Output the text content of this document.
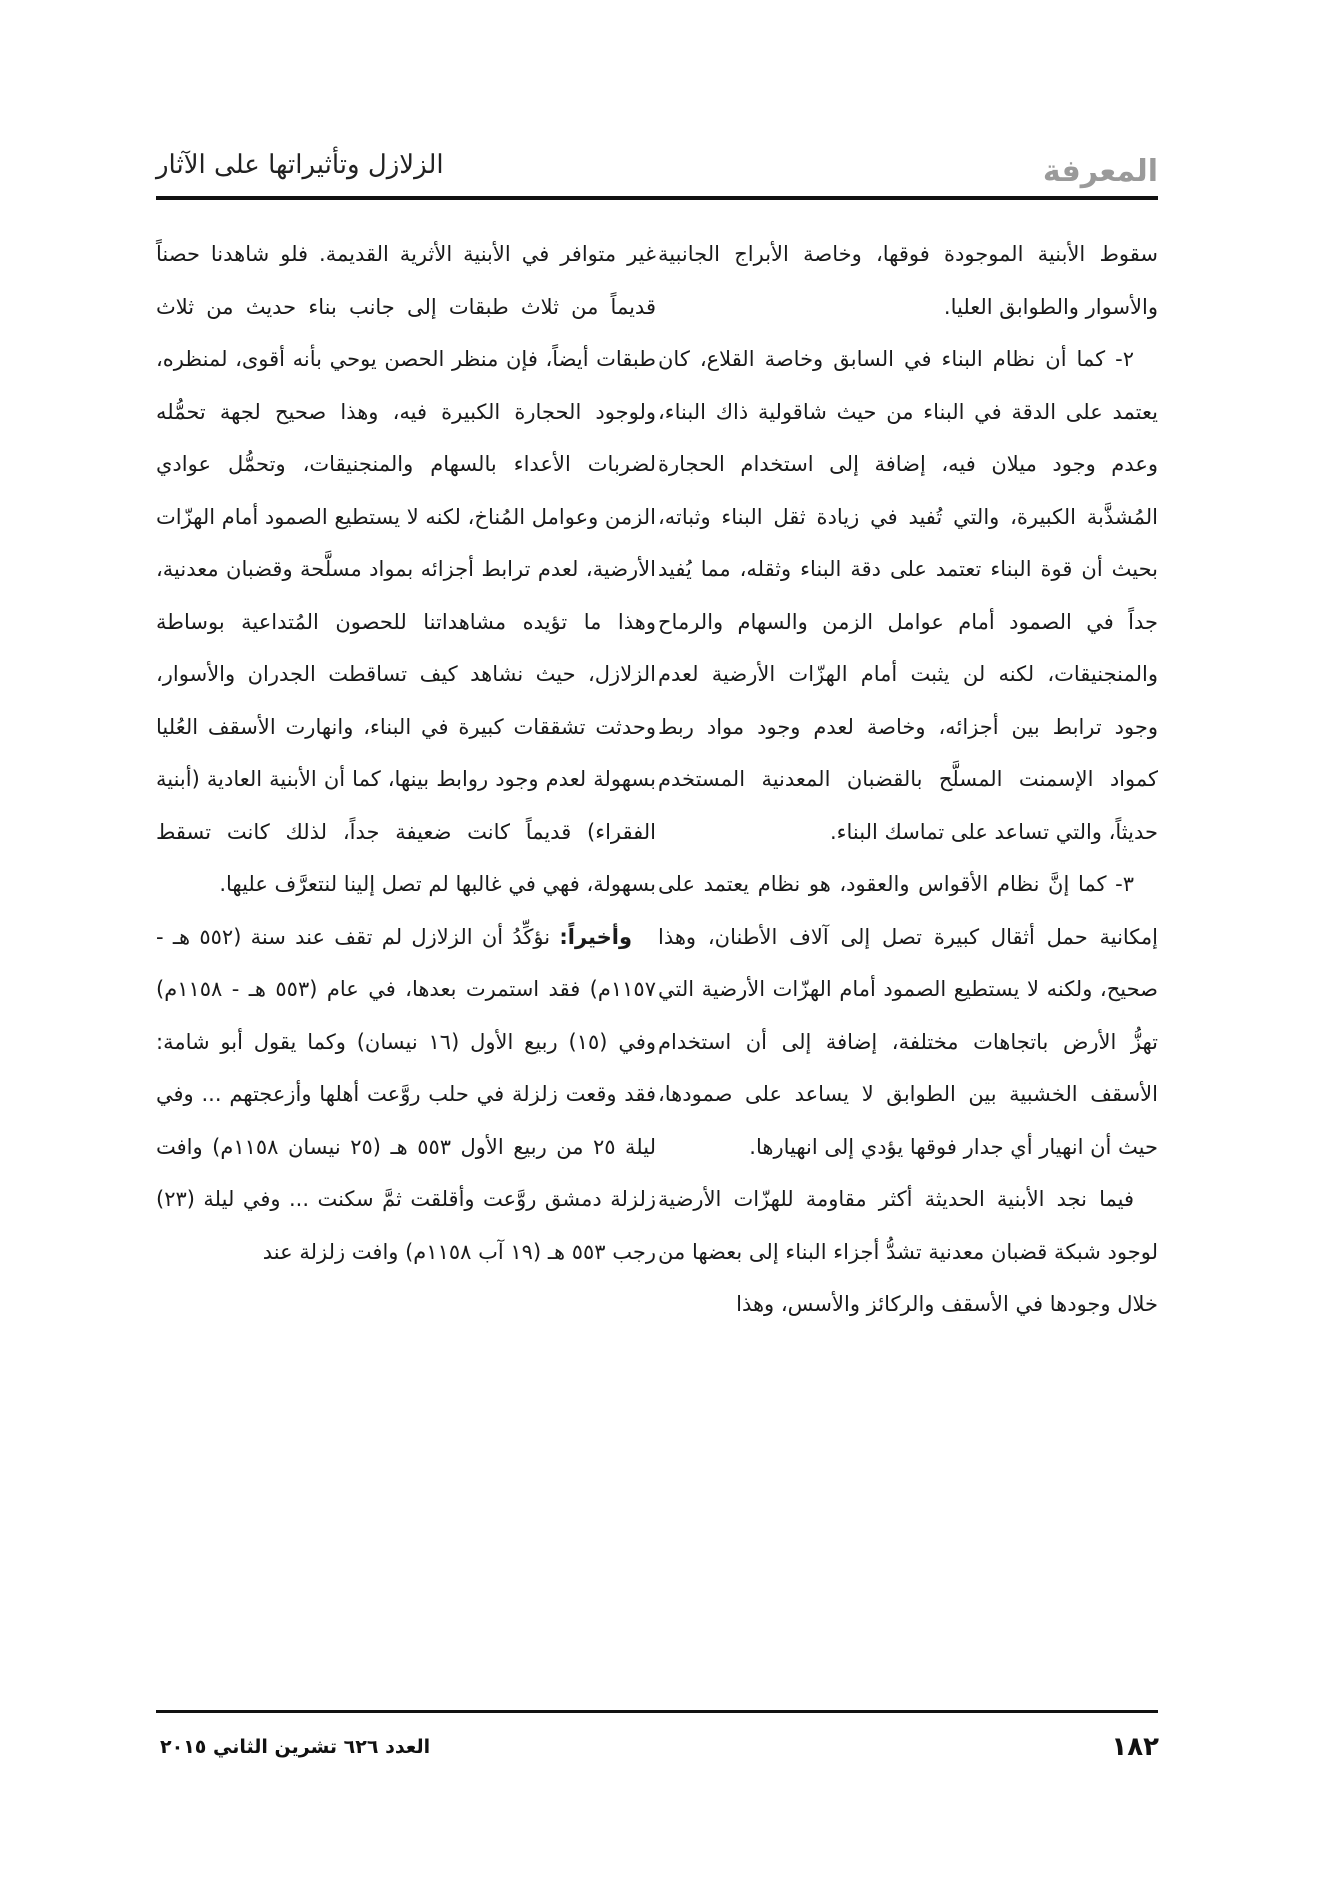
المعرفة
الزلازل وتأثيراتها على الآثار

سقوط الأبنية الموجودة فوقها، وخاصة الأبراج الجانبية والأسوار والطوابق العليا.

٢- كما أن نظام البناء في السابق وخاصة القلاع، كان يعتمد على الدقة في البناء من حيث شاقولية ذاك البناء، وعدم وجود ميلان فيه، إضافة إلى استخدام الحجارة المُشذَّبة الكبيرة، والتي تُفيد في زيادة ثقل البناء وثباته، بحيث أن قوة البناء تعتمد على دقة البناء وثقله، مما يُفيد جداً في الصمود أمام عوامل الزمن والسهام والرماح والمنجنيقات، لكنه لن يثبت أمام الهزّات الأرضية لعدم وجود ترابط بين أجزائه، وخاصة لعدم وجود مواد ربط كمواد الإسمنت المسلَّح بالقضبان المعدنية المستخدم حديثاً، والتي تساعد على تماسك البناء.

٣- كما إنَّ نظام الأقواس والعقود، هو نظام يعتمد على إمكانية حمل أثقال كبيرة تصل إلى آلاف الأطنان، وهذا صحيح، ولكنه لا يستطيع الصمود أمام الهزّات الأرضية التي تهزُّ الأرض باتجاهات مختلفة، إضافة إلى أن استخدام الأسقف الخشبية بين الطوابق لا يساعد على صمودها، حيث أن انهيار أي جدار فوقها يؤدي إلى انهيارها.

فيما نجد الأبنية الحديثة أكثر مقاومة للهزّات الأرضية لوجود شبكة قضبان معدنية تشدُّ أجزاء البناء إلى بعضها من خلال وجودها في الأسقف والركائز والأسس، وهذا

غير متوافر في الأبنية الأثرية القديمة. فلو شاهدنا حصناً قديماً من ثلاث طبقات إلى جانب بناء حديث من ثلاث طبقات أيضاً، فإن منظر الحصن يوحي بأنه أقوى، لمنظره، ولوجود الحجارة الكبيرة فيه، وهذا صحيح لجهة تحمُّله لضربات الأعداء بالسهام والمنجنيقات، وتحمُّل عوادي الزمن وعوامل المُناخ، لكنه لا يستطيع الصمود أمام الهزّات الأرضية، لعدم ترابط أجزائه بمواد مسلَّحة وقضبان معدنية، وهذا ما تؤيده مشاهداتنا للحصون المُتداعية بوساطة الزلازل، حيث نشاهد كيف تساقطت الجدران والأسوار، وحدثت تشققات كبيرة في البناء، وانهارت الأسقف العُليا بسهولة لعدم وجود روابط بينها، كما أن الأبنية العادية (أبنية الفقراء) قديماً كانت ضعيفة جداً، لذلك كانت تسقط بسهولة، فهي في غالبها لم تصل إلينا لنتعرَّف عليها.

وأخيراً: نؤكِّدُ أن الزلازل لم تقف عند سنة (٥٥٢ هـ - ١١٥٧م) فقد استمرت بعدها، في عام (٥٥٣ هـ - ١١٥٨م) وفي (١٥) ربيع الأول (١٦ نيسان) وكما يقول أبو شامة: فقد وقعت زلزلة في حلب روَّعت أهلها وأزعجتهم ... وفي ليلة ٢٥ من ربيع الأول ٥٥٣ هـ (٢٥ نيسان ١١٥٨م) وافت زلزلة دمشق روَّعت وأقلقت ثمَّ سكنت ... وفي ليلة (٢٣) رجب ٥٥٣ هـ (١٩ آب ١١٥٨م) وافت زلزلة عند

١٨٢
العدد ٦٢٦ تشرين الثاني ٢٠١٥
